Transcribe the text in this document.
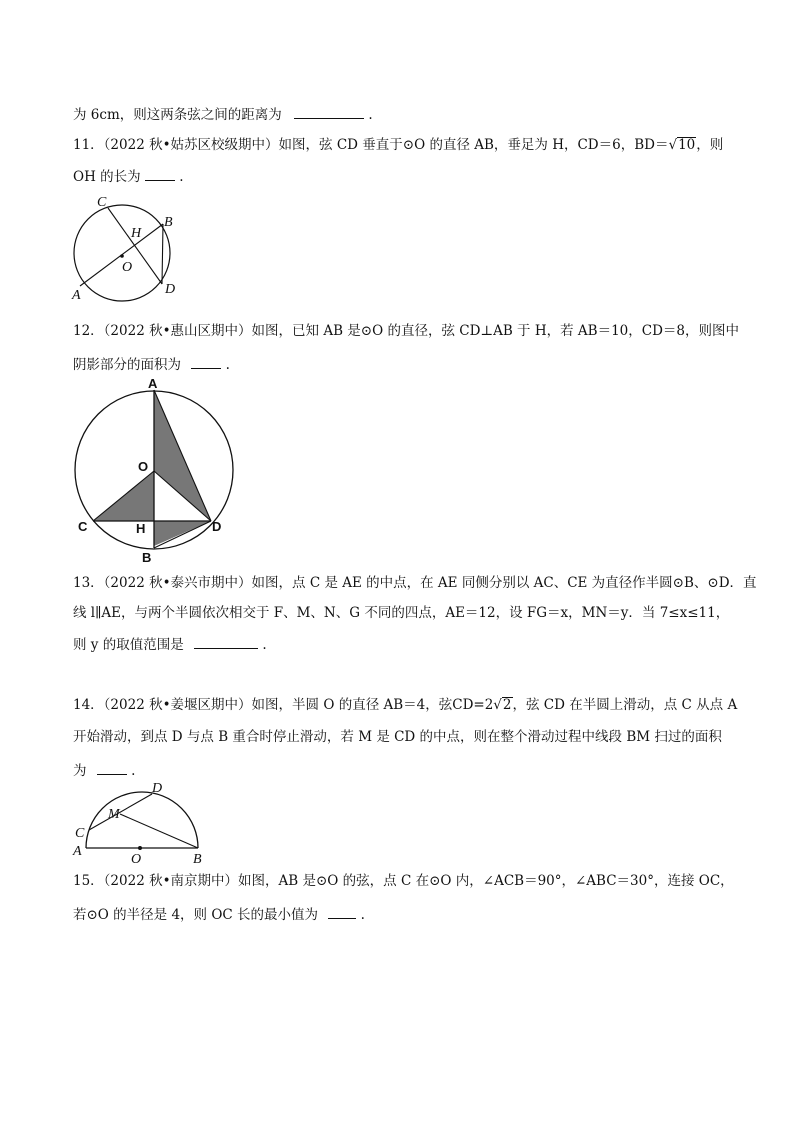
为 6cm，则这两条弦之间的距离为	.
11．（2022 秋•姑苏区校级期中）如图，弦 CD 垂直于⊙O 的直径 AB，垂足为 H，CD＝6，BD＝√10，则
OH 的长为	.
C
B
H
O
A	D
12．（2022 秋•惠山区期中）如图，已知 AB 是⊙O 的直径，弦 CD⊥AB 于 H，若 AB＝10，CD＝8，则图中
阴影部分的面积为	.
A
O
C	H	D
B
13．（2022 秋•泰兴市期中）如图，点 C 是 AE 的中点，在 AE 同侧分别以 AC、CE 为直径作半圆⊙B、⊙D．直
线 l∥AE，与两个半圆依次相交于 F、M、N、G 不同的四点，AE＝12，设 FG＝x，MN＝y．当 7≤x≤11，
则 y 的取值范围是	.
14．（2022 秋•姜堰区期中）如图，半圆 O 的直径 AB＝4，弦CD=2√2，弦 CD 在半圆上滑动，点 C 从点 A
开始滑动，到点 D 与点 B 重合时停止滑动，若 M 是 CD 的中点，则在整个滑动过程中线段 BM 扫过的面积
为	.
D
M
C
A
O	B
15．（2022 秋•南京期中）如图，AB 是⊙O 的弦，点 C 在⊙O 内，∠ACB＝90°，∠ABC＝30°，连接 OC，
若⊙O 的半径是 4，则 OC 长的最小值为	.
